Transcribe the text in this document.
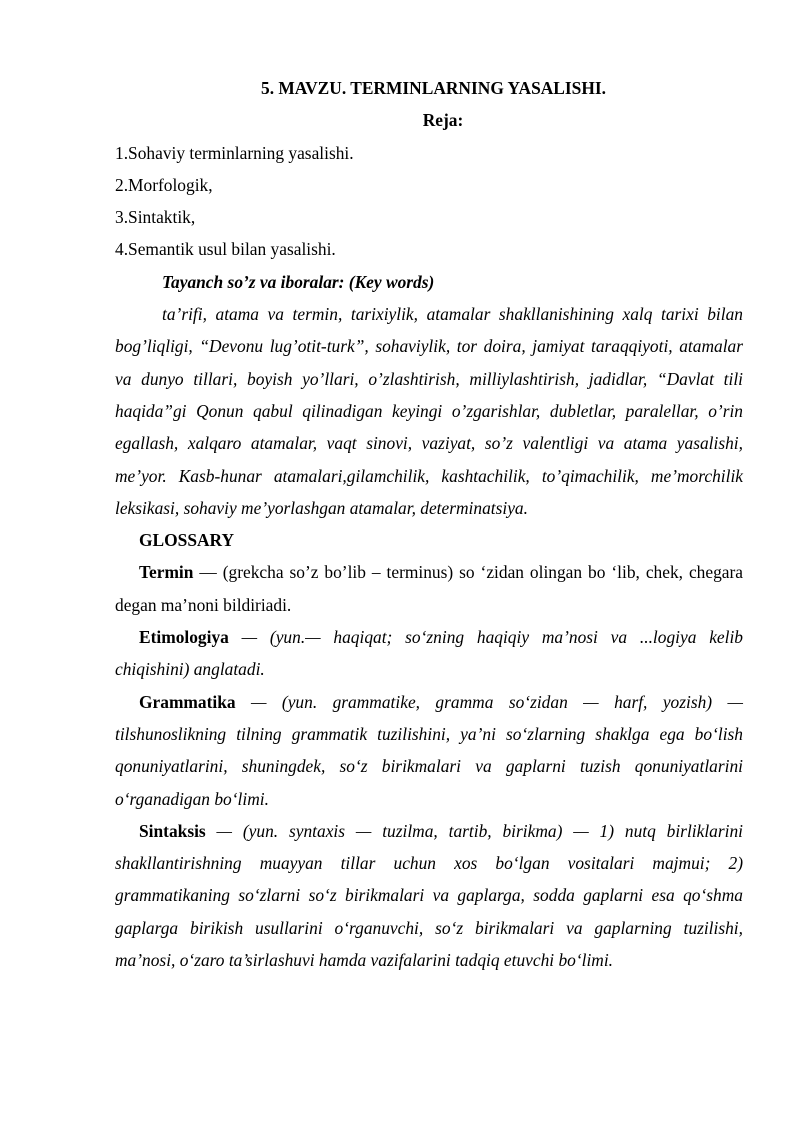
5. MAVZU. TERMINLARNING YASALISHI.
Reja:

1.Sohaviy terminlarning yasalishi.

2.Morfologik,

3.Sintaktik,

4.Semantik usul bilan yasalishi.

Tayanch so’z va iboralar: (Key words)

ta’rifi, atama va termin, tarixiylik, atamalar shakllanishining xalq tarixi bilan bog’liqligi, “Devonu lug’otit-turk”, sohaviylik, tor doira, jamiyat taraqqiyoti, atamalar va dunyo tillari, boyish yo’llari, o’zlashtirish, milliylashtirish, jadidlar, “Davlat tili haqida”gi Qonun qabul qilinadigan keyingi o’zgarishlar, dubletlar, paralellar, o’rin egallash, xalqaro atamalar, vaqt sinovi, vaziyat, so’z valentligi va atama yasalishi, me’yor. Kasb-hunar atamalari,gilamchilik, kashtachilik, to’qimachilik, me’morchilik leksikasi, sohaviy me’yorlashgan atamalar, determinatsiya.

GLOSSARY

Termin — (grekcha so’z bo’lib – terminus) so ‘zidan olingan bo ‘lib, chek, chegara degan ma’noni bildiriadi.

Etimologiya — (yun.— haqiqat; so‘zning haqiqiy ma’nosi va ...logiya kelib chiqishini) anglatadi.

Grammatika — (yun. grammatike, gramma so‘zidan — harf, yozish) — tilshunoslikning tilning grammatik tuzilishini, ya’ni so‘zlarning shaklga ega bo‘lish qonuniyatlarini, shuningdek, so‘z birikmalari va gaplarni tuzish qonuniyatlarini o‘rganadigan bo‘limi.

Sintaksis — (yun. syntaxis — tuzilma, tartib, birikma) — 1) nutq birliklarini shakllantirishning muayyan tillar uchun xos bo‘lgan vositalari majmui; 2) grammatikaning so‘zlarni so‘z birikmalari va gaplarga, sodda gaplarni esa qo‘shma gaplarga birikish usullarini o‘rganuvchi, so‘z birikmalari va gaplarning tuzilishi, ma’nosi, o‘zaro ta’sirlashuvi hamda vazifalarini tadqiq etuvchi bo‘limi.
